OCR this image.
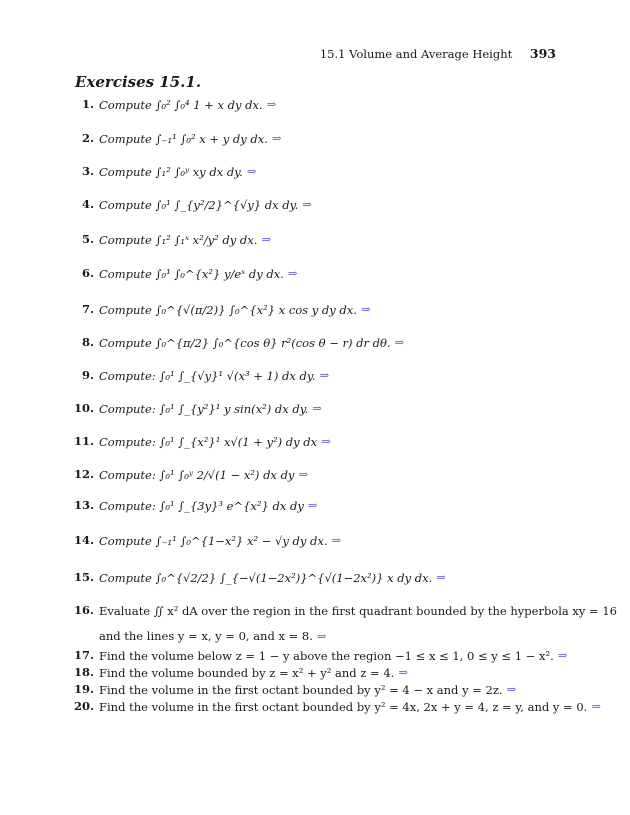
15.1 Volume and Average Height 393
Exercises 15.1.
1. Compute ∫₀² ∫₀⁴ 1 + x dy dx. ⇒
2. Compute ∫₋₁¹ ∫₀² x + y dy dx. ⇒
3. Compute ∫₁² ∫₀ʸ xy dx dy. ⇒
4. Compute ∫₀¹ ∫_{y²/2}^{√y} dx dy. ⇒
5. Compute ∫₁² ∫₁ˣ x²/y² dy dx. ⇒
6. Compute ∫₀¹ ∫₀^{x²} y/eˣ dy dx. ⇒
7. Compute ∫₀^{√(π/2)} ∫₀^{x²} x cos y dy dx. ⇒
8. Compute ∫₀^{π/2} ∫₀^{cos θ} r²(cos θ − r) dr dθ. ⇒
9. Compute: ∫₀¹ ∫_{√y}¹ √(x³ + 1) dx dy. ⇒
10. Compute: ∫₀¹ ∫_{y²}¹ y sin(x²) dx dy. ⇒
11. Compute: ∫₀¹ ∫_{x²}¹ x√(1 + y²) dy dx ⇒
12. Compute: ∫₀¹ ∫₀ʸ 2/√(1 − x²) dx dy ⇒
13. Compute: ∫₀¹ ∫_{3y}³ e^{x²} dx dy ⇒
14. Compute ∫₋₁¹ ∫₀^{1−x²} x² − √y dy dx. ⇒
15. Compute ∫₀^{√2/2} ∫_{−√(1−2x²)}^{√(1−2x²)} x dy dx. ⇒
16. Evaluate ∬ x² dA over the region in the first quadrant bounded by the hyperbola xy = 16
and the lines y = x, y = 0, and x = 8. ⇒
17. Find the volume below z = 1 − y above the region −1 ≤ x ≤ 1, 0 ≤ y ≤ 1 − x². ⇒
18. Find the volume bounded by z = x² + y² and z = 4. ⇒
19. Find the volume in the first octant bounded by y² = 4 − x and y = 2z. ⇒
20. Find the volume in the first octant bounded by y² = 4x, 2x + y = 4, z = y, and y = 0. ⇒
